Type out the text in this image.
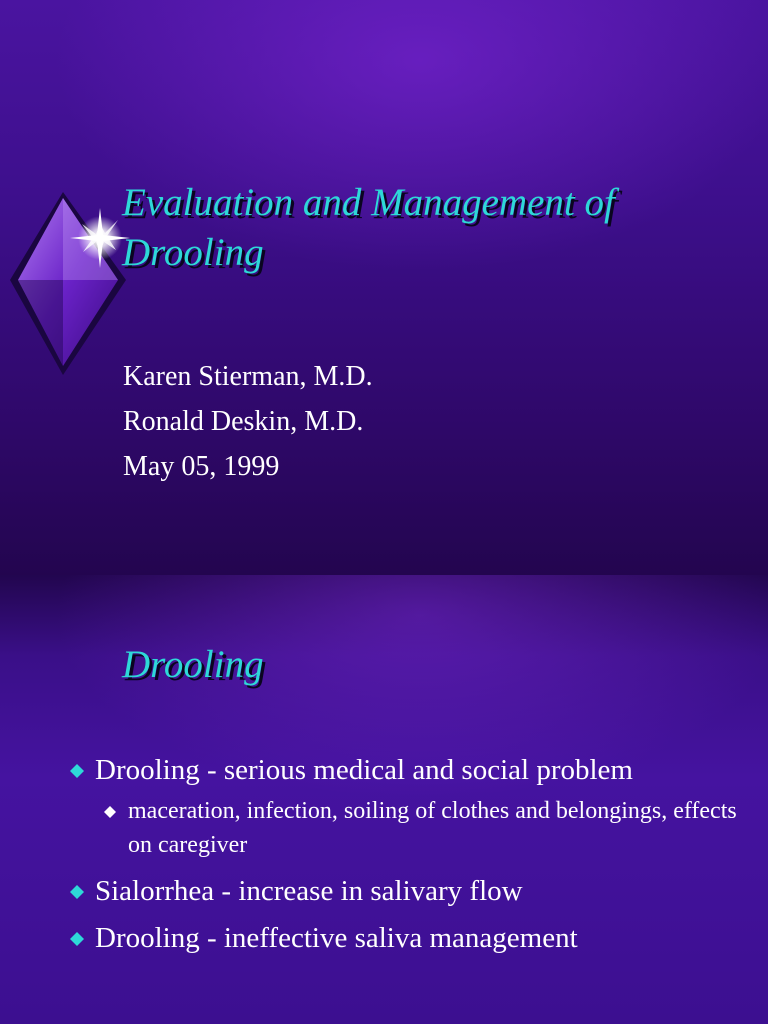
Evaluation and Management of
Drooling
Karen Stierman, M.D.
Ronald Deskin, M.D.
May 05, 1999
Drooling
Drooling - serious medical and social problem
maceration, infection, soiling of clothes and belongings, effects on caregiver
Sialorrhea - increase in salivary flow
Drooling - ineffective saliva management
